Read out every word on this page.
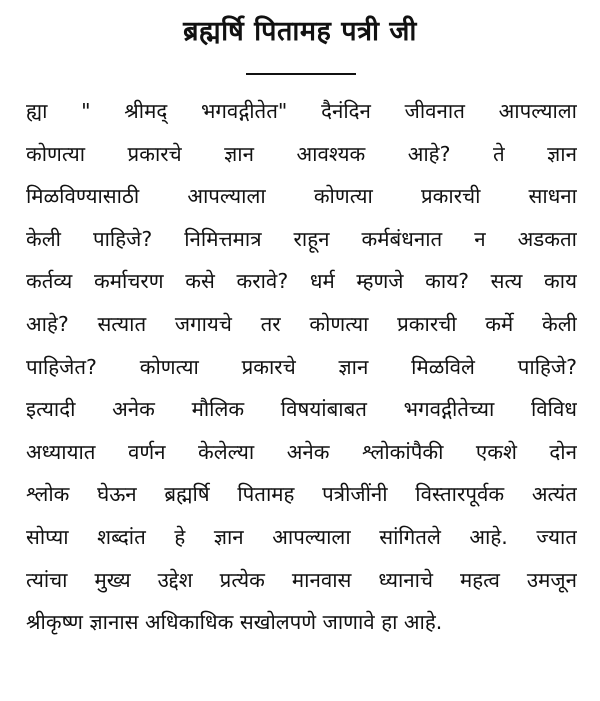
ब्रह्मर्षि पितामह पत्री जी
ह्या " श्रीमद् भगवद्गीतेत" दैनंदिन जीवनात आपल्याला
कोणत्या प्रकारचे ज्ञान आवश्यक आहे? ते ज्ञान
मिळविण्यासाठी आपल्याला कोणत्या प्रकारची साधना
केली पाहिजे? निमित्तमात्र राहून कर्मबंधनात न अडकता
कर्तव्य कर्माचरण कसे करावे? धर्म म्हणजे काय? सत्य काय
आहे? सत्यात जगायचे तर कोणत्या प्रकारची कर्मे केली
पाहिजेत? कोणत्या प्रकारचे ज्ञान मिळविले पाहिजे?
इत्यादी अनेक मौलिक विषयांबाबत भगवद्गीतेच्या विविध
अध्यायात वर्णन केलेल्या अनेक श्लोकांपैकी एकशे दोन
श्लोक घेऊन ब्रह्मर्षि पितामह पत्रीजींनी विस्तारपूर्वक अत्यंत
सोप्या शब्दांत हे ज्ञान आपल्याला सांगितले आहे. ज्यात
त्यांचा मुख्य उद्देश प्रत्येक मानवास ध्यानाचे महत्व उमजून
श्रीकृष्ण ज्ञानास अधिकाधिक सखोलपणे जाणावे हा आहे.
